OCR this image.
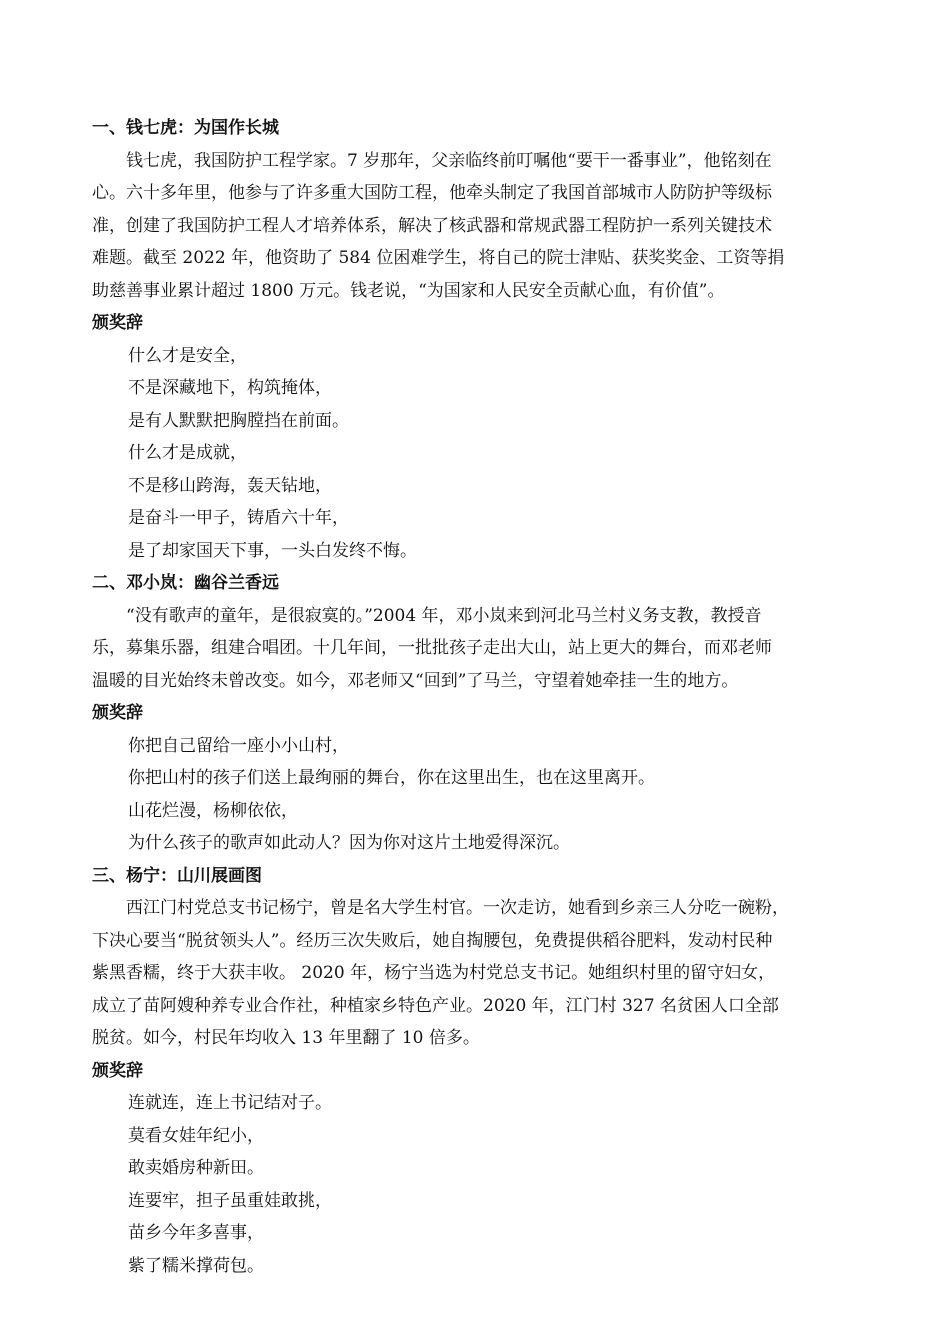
一、钱七虎：为国作长城
钱七虎，我国防护工程学家。7 岁那年，父亲临终前叮嘱他“要干一番事业”，他铭刻在
心。六十多年里，他参与了许多重大国防工程，他牵头制定了我国首部城市人防防护等级标
准，创建了我国防护工程人才培养体系，解决了核武器和常规武器工程防护一系列关键技术
难题。截至 2022 年，他资助了 584 位困难学生，将自己的院士津贴、获奖奖金、工资等捐
助慈善事业累计超过 1800 万元。钱老说，“为国家和人民安全贡献心血，有价值”。
颁奖辞
什么才是安全，
不是深藏地下，构筑掩体，
是有人默默把胸膛挡在前面。
什么才是成就，
不是移山跨海，轰天钻地，
是奋斗一甲子，铸盾六十年，
是了却家国天下事，一头白发终不悔。
二、邓小岚：幽谷兰香远
“没有歌声的童年，是很寂寞的。”2004 年，邓小岚来到河北马兰村义务支教，教授音
乐，募集乐器，组建合唱团。十几年间，一批批孩子走出大山，站上更大的舞台，而邓老师
温暖的目光始终未曾改变。如今，邓老师又“回到”了马兰，守望着她牵挂一生的地方。
颁奖辞
你把自己留给一座小小山村，
你把山村的孩子们送上最绚丽的舞台，你在这里出生，也在这里离开。
山花烂漫，杨柳依依，
为什么孩子的歌声如此动人？因为你对这片土地爱得深沉。
三、杨宁：山川展画图
西江门村党总支书记杨宁，曾是名大学生村官。一次走访，她看到乡亲三人分吃一碗粉，
下决心要当“脱贫领头人”。经历三次失败后，她自掏腰包，免费提供稻谷肥料，发动村民种
紫黑香糯，终于大获丰收。 2020 年，杨宁当选为村党总支书记。她组织村里的留守妇女，
成立了苗阿嫂种养专业合作社，种植家乡特色产业。2020 年，江门村 327 名贫困人口全部
脱贫。如今，村民年均收入 13 年里翻了 10 倍多。
颁奖辞
连就连，连上书记结对子。
莫看女娃年纪小，
敢卖婚房种新田。
连要牢，担子虽重娃敢挑，
苗乡今年多喜事，
紫了糯米撑荷包。
